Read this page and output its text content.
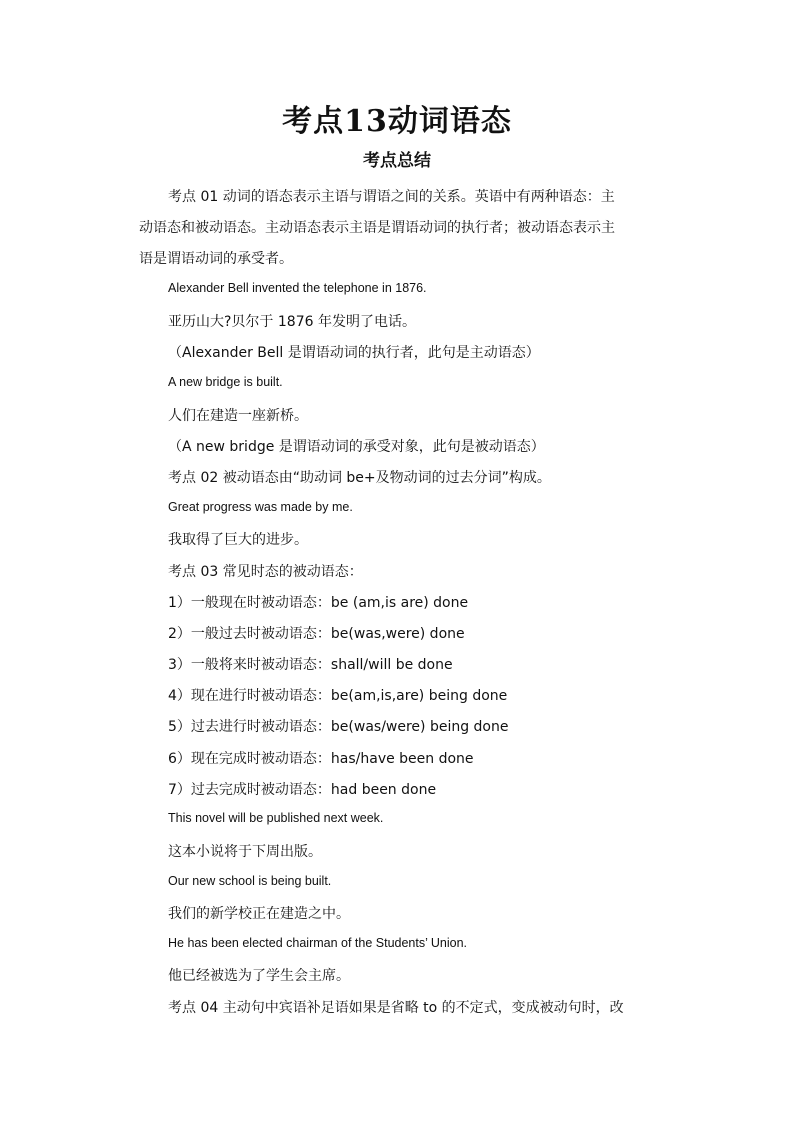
考点13动词语态
考点总结
考点 01 动词的语态表示主语与谓语之间的关系。英语中有两种语态：主
动语态和被动语态。主动语态表示主语是谓语动词的执行者；被动语态表示主
语是谓语动词的承受者。
Alexander Bell invented the telephone in 1876.
亚历山大?贝尔于 1876 年发明了电话。
（Alexander Bell 是谓语动词的执行者，此句是主动语态）
A new bridge is built.
人们在建造一座新桥。
（A new bridge 是谓语动词的承受对象，此句是被动语态）
考点 02 被动语态由“助动词 be+及物动词的过去分词”构成。
Great progress was made by me.
我取得了巨大的进步。
考点 03 常见时态的被动语态：
1）一般现在时被动语态：be (am,is are) done
2）一般过去时被动语态：be(was,were) done
3）一般将来时被动语态：shall/will be done
4）现在进行时被动语态：be(am,is,are) being done
5）过去进行时被动语态：be(was/were) being done
6）现在完成时被动语态：has/have been done
7）过去完成时被动语态：had been done
This novel will be published next week.
这本小说将于下周出版。
Our new school is being built.
我们的新学校正在建造之中。
He has been elected chairman of the Students’ Union.
他已经被选为了学生会主席。
考点 04 主动句中宾语补足语如果是省略 to 的不定式，变成被动句时，改
